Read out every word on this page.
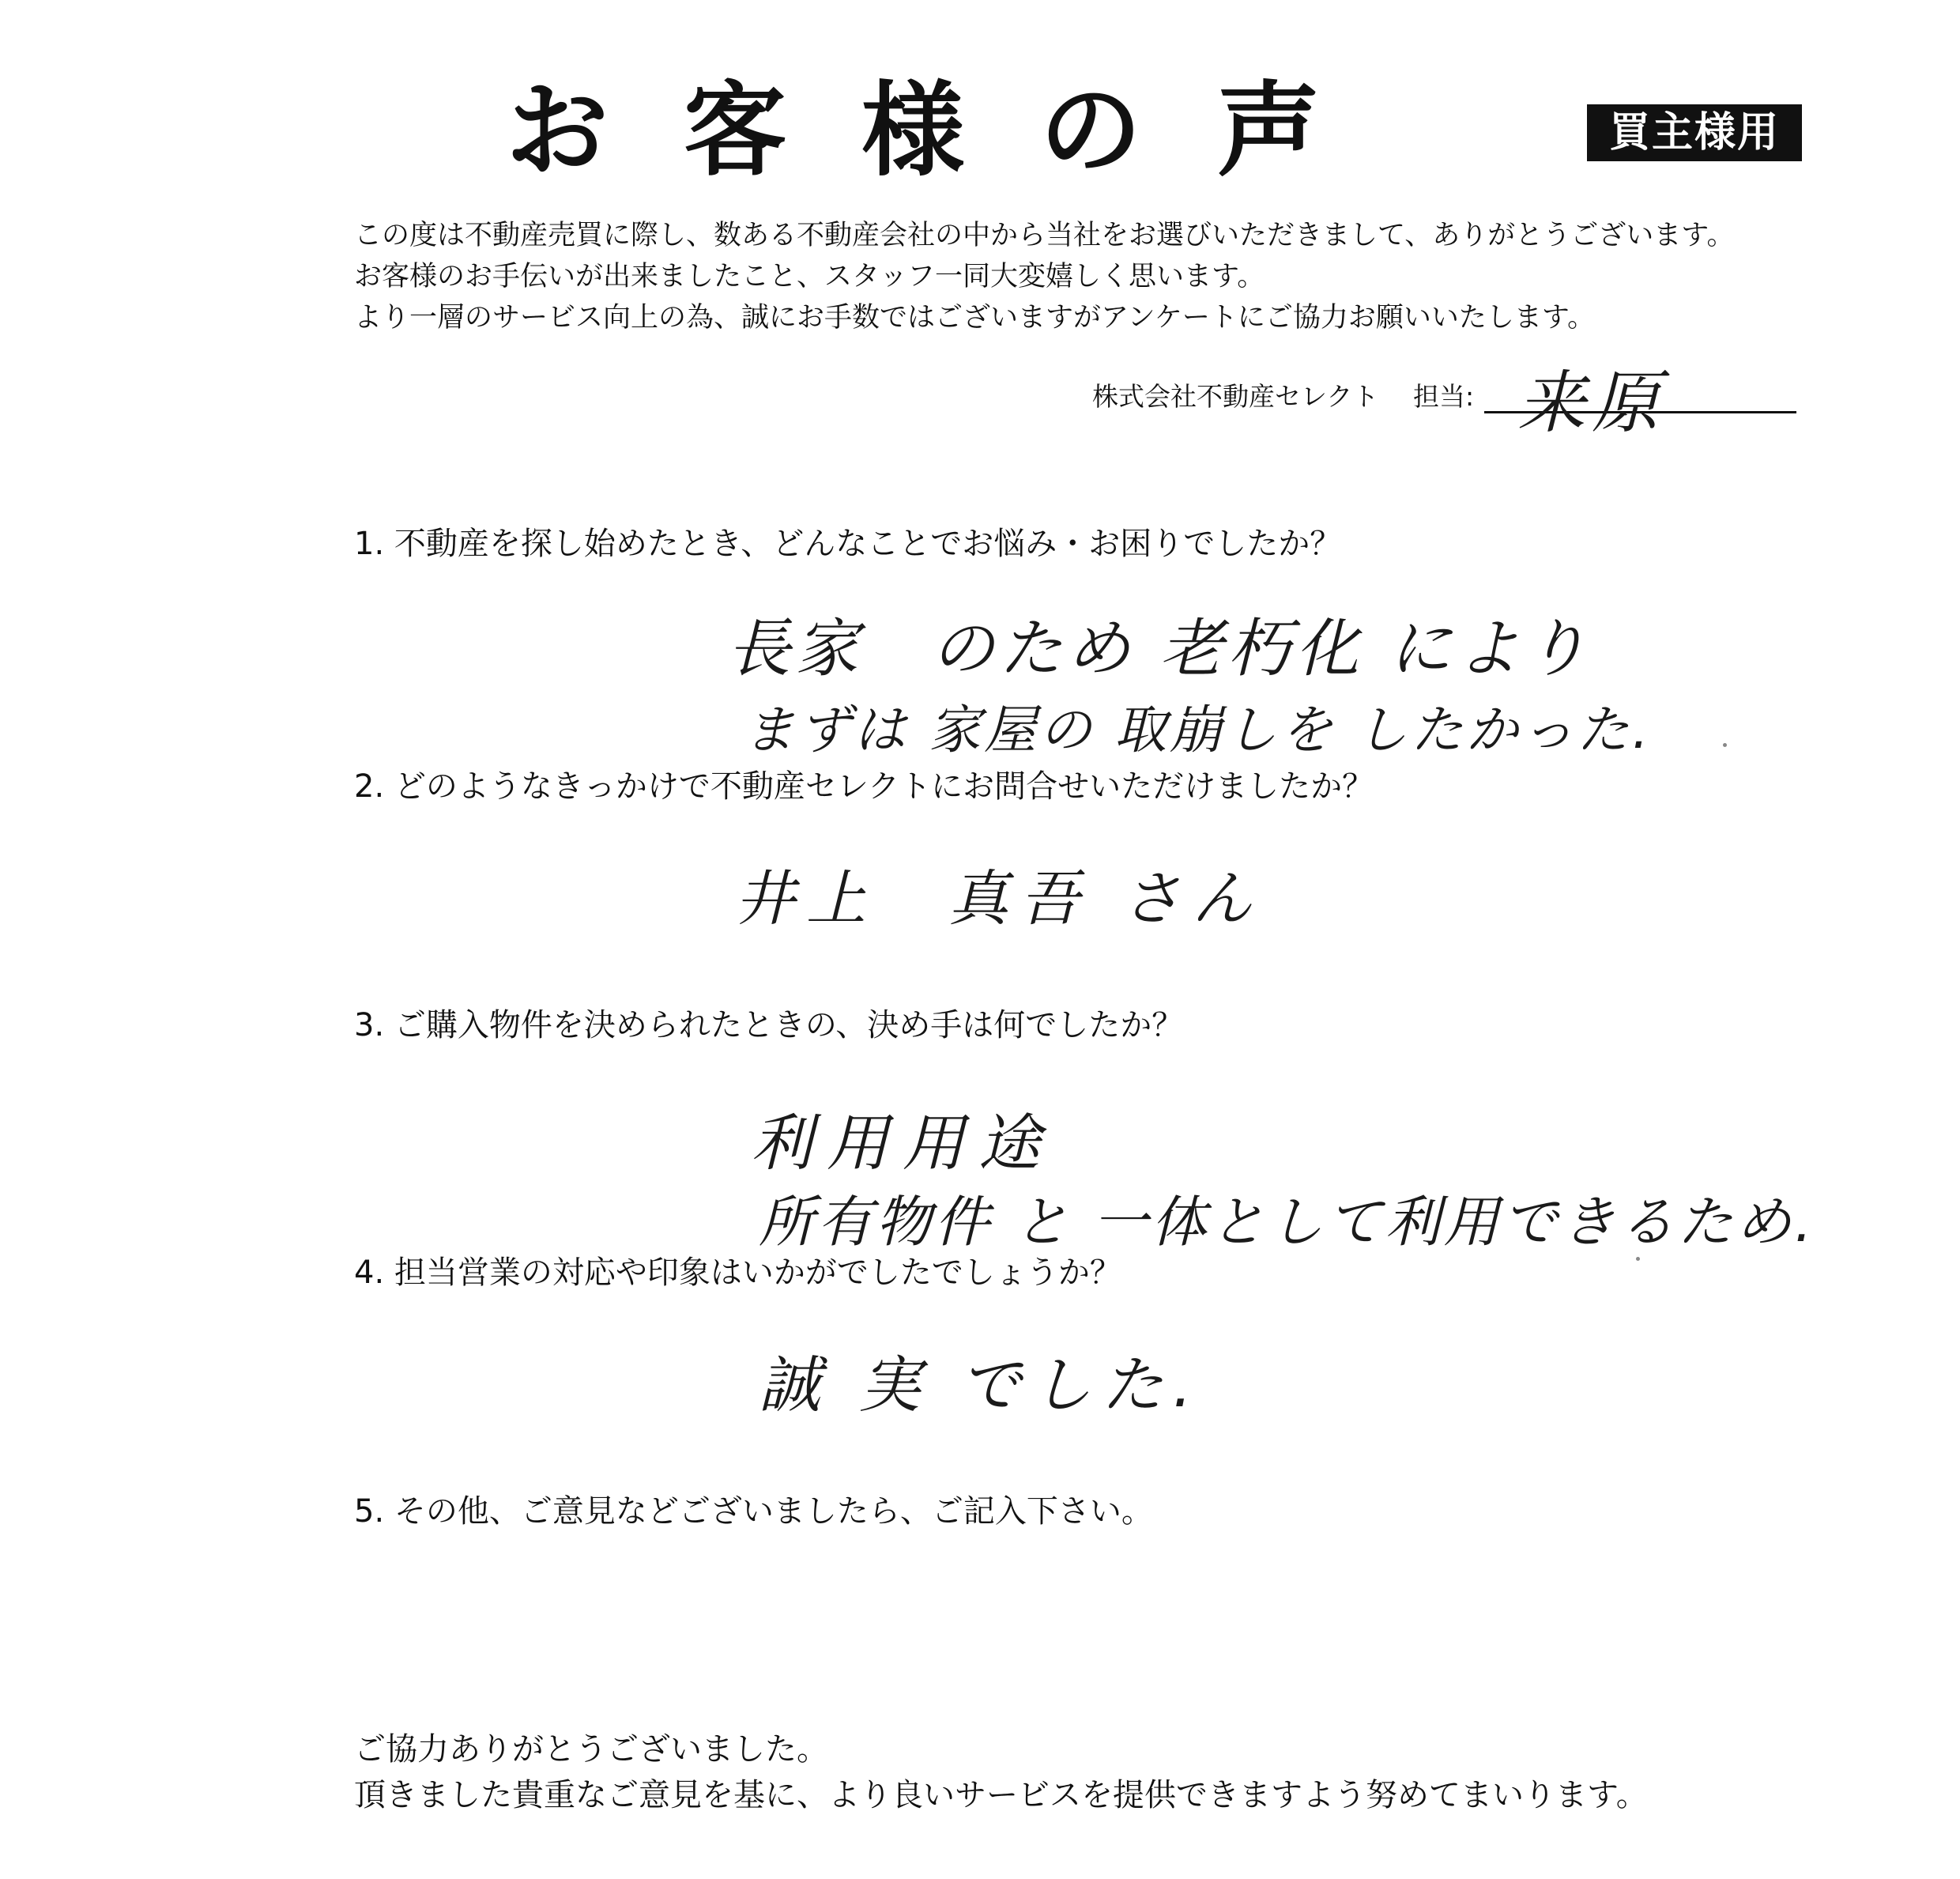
お客様の声	買主様用
この度は不動産売買に際し、数ある不動産会社の中から当社をお選びいただきまして、ありがとうございます。
お客様のお手伝いが出来ましたこと、スタッフ一同大変嬉しく思います。
より一層のサービス向上の為、誠にお手数ではございますがアンケートにご協力お願いいたします。
株式会社不動産セレクト 担当: 来原
1. 不動産を探し始めたとき、どんなことでお悩み・お困りでしたか？
長家　のため 老朽化 により
まずは 家屋の 取崩しを したかった.
2. どのようなきっかけで不動産セレクトにお問合せいただけましたか？
井上　真吾 さん
3. ご購入物件を決められたときの、決め手は何でしたか？
利用用途
所有物件 と 一体として利用できるため.
4. 担当営業の対応や印象はいかがでしたでしょうか？
誠 実 でした.
5. その他、ご意見などございましたら、ご記入下さい。
ご協力ありがとうございました。
頂きました貴重なご意見を基に、より良いサービスを提供できますよう努めてまいります。
